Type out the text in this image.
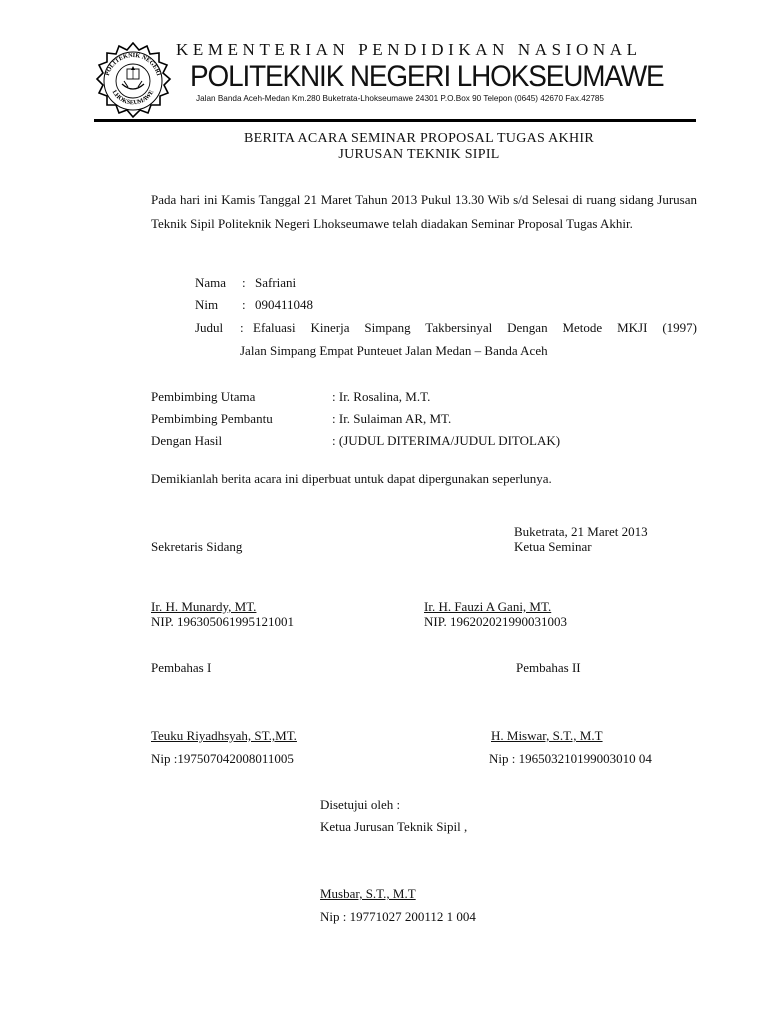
POLITEKNIK NEGERI
LHOKSEUMAWE
KEMENTERIAN PENDIDIKAN NASIONAL
POLITEKNIK NEGERI LHOKSEUMAWE
Jalan Banda Aceh-Medan Km.280 Buketrata-Lhokseumawe 24301 P.O.Box 90 Telepon (0645) 42670 Fax.42785
BERITA ACARA SEMINAR PROPOSAL TUGAS AKHIR
JURUSAN TEKNIK SIPIL
Pada hari ini Kamis Tanggal 21 Maret Tahun 2013 Pukul 13.30 Wib s/d Selesai di ruang sidang Jurusan Teknik Sipil Politeknik Negeri Lhokseumawe telah diadakan Seminar Proposal Tugas Akhir.
Nama : Safriani
Nim : 090411048
Judul : Efaluasi Kinerja Simpang Takbersinyal Dengan Metode MKJI (1997)
Jalan Simpang Empat Punteuet Jalan Medan – Banda Aceh
Pembimbing Utama	: Ir. Rosalina, M.T.
Pembimbing Pembantu	: Ir. Sulaiman AR, MT.
Dengan Hasil	: (JUDUL DITERIMA/JUDUL DITOLAK)
Demikianlah berita acara ini diperbuat untuk dapat dipergunakan seperlunya.
Buketrata, 21 Maret 2013
Sekretaris Sidang	Ketua Seminar
Ir. H. Munardy, MT.
NIP. 196305061995121001
Ir. H. Fauzi A Gani, MT.
NIP. 196202021990031003
Pembahas I	Pembahas II
Teuku Riyadhsyah, ST.,MT.
Nip :197507042008011005
H. Miswar, S.T., M.T
Nip : 196503210199003010 04
Disetujui oleh :
Ketua Jurusan Teknik Sipil ,
Musbar, S.T., M.T
Nip : 19771027 200112 1 004
